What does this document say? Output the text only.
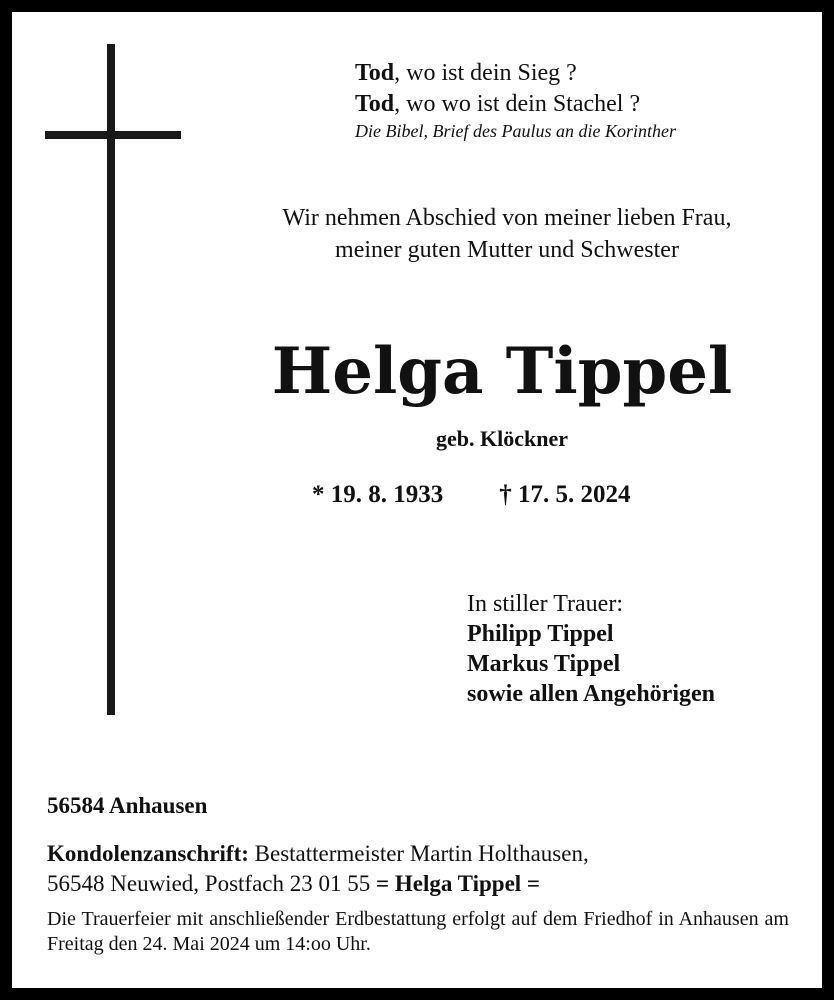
Tod, wo ist dein Sieg ?
Tod, wo wo ist dein Stachel ?
Die Bibel, Brief des Paulus an die Korinther
Wir nehmen Abschied von meiner lieben Frau,
meiner guten Mutter und Schwester
Helga Tippel
geb. Klöckner
* 19. 8. 1933 † 17. 5. 2024
In stiller Trauer:
Philipp Tippel
Markus Tippel
sowie allen Angehörigen
56584 Anhausen
Kondolenzanschrift: Bestattermeister Martin Holthausen,
56548 Neuwied, Postfach 23 01 55 = Helga Tippel =
Die Trauerfeier mit anschließender Erdbestattung erfolgt auf dem Friedhof in Anhausen am Freitag den 24. Mai 2024 um 14:oo Uhr.
